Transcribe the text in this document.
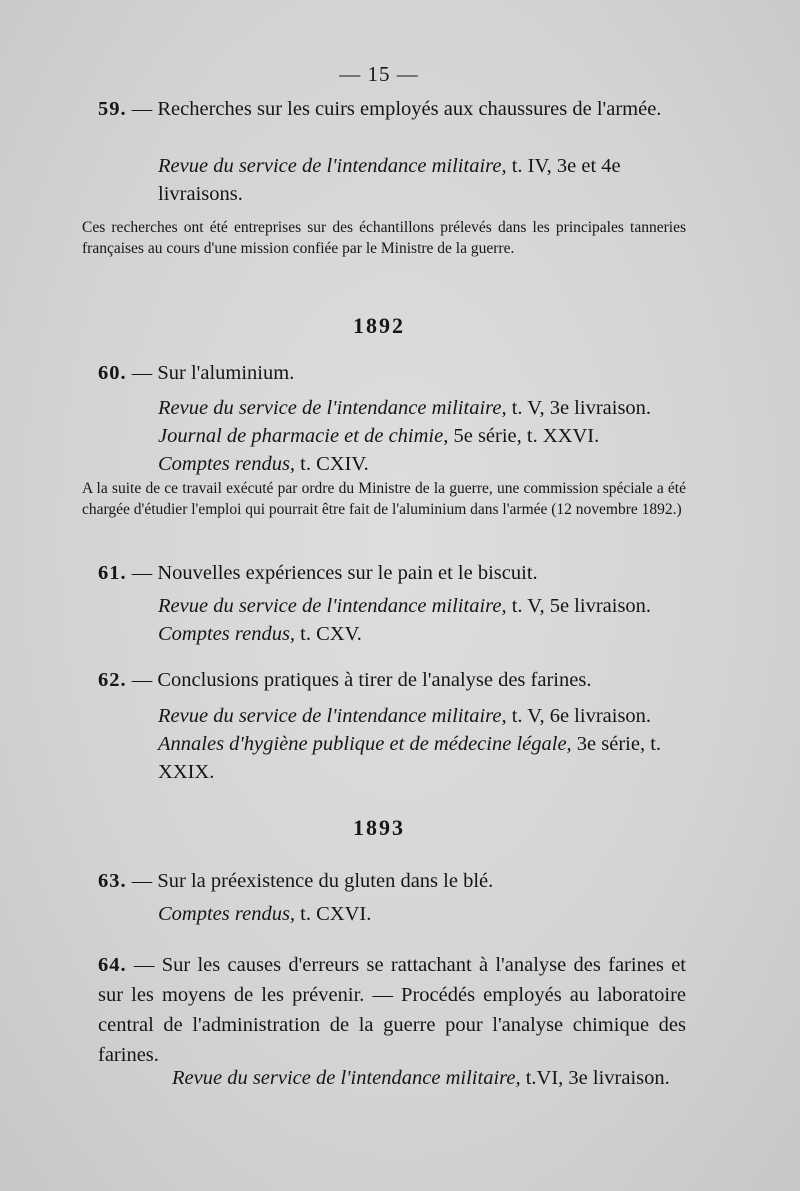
— 15 —
59. — Recherches sur les cuirs employés aux chaussures de l'armée.
Revue du service de l'intendance militaire, t. IV, 3e et 4e livraisons.
Ces recherches ont été entreprises sur des échantillons prélevés dans les principales tanneries françaises au cours d'une mission confiée par le Ministre de la guerre.
1892
60. — Sur l'aluminium.
Revue du service de l'intendance militaire, t. V, 3e livraison.
Journal de pharmacie et de chimie, 5e série, t. XXVI.
Comptes rendus, t. CXIV.
A la suite de ce travail exécuté par ordre du Ministre de la guerre, une commission spéciale a été chargée d'étudier l'emploi qui pourrait être fait de l'aluminium dans l'armée (12 novembre 1892.)
61. — Nouvelles expériences sur le pain et le biscuit.
Revue du service de l'intendance militaire, t. V, 5e livraison.
Comptes rendus, t. CXV.
62. — Conclusions pratiques à tirer de l'analyse des farines.
Revue du service de l'intendance militaire, t. V, 6e livraison.
Annales d'hygiène publique et de médecine légale, 3e série, t. XXIX.
1893
63. — Sur la préexistence du gluten dans le blé.
Comptes rendus, t. CXVI.
64. — Sur les causes d'erreurs se rattachant à l'analyse des farines et sur les moyens de les prévenir. — Procédés employés au laboratoire central de l'administration de la guerre pour l'analyse chimique des farines.
Revue du service de l'intendance militaire, t.VI, 3e livraison.
